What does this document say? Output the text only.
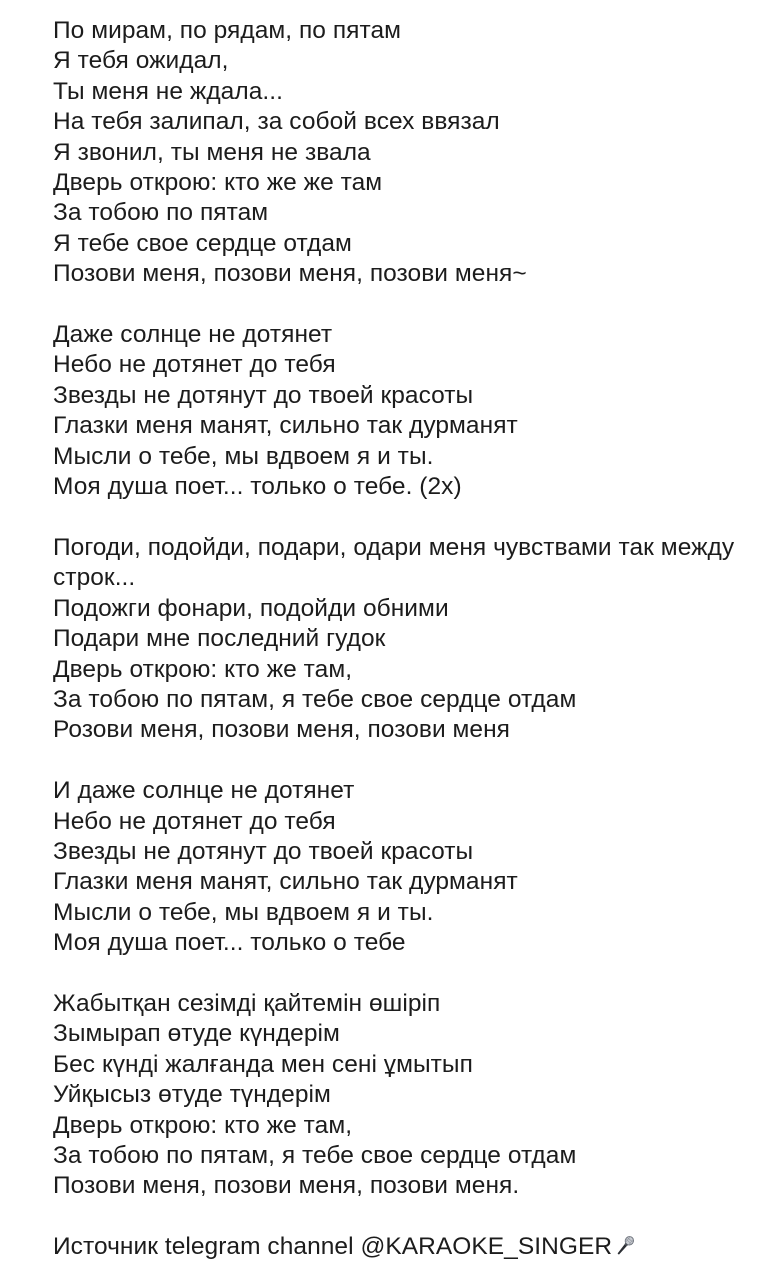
По мирам, по рядам, по пятам
Я тебя ожидал,
Ты меня не ждала...
На тебя залипал, за собой всех ввязал
Я звонил, ты меня не звала
Дверь открою: кто же же там
За тобою по пятам
Я тебе свое сердце отдам
Позови меня, позови меня, позови меня~
Даже солнце не дотянет
Небо не дотянет до тебя
Звезды не дотянут до твоей красоты
Глазки меня манят, сильно так дурманят
Мысли о тебе, мы вдвоем я и ты.
Моя душа поет... только о тебе. (2x)
Погоди, подойди, подари, одари меня чувствами так между строк...
Подожги фонари, подойди обними
Подари мне последний гудок
Дверь открою: кто же там,
За тобою по пятам, я тебе свое сердце отдам
Розови меня, позови меня, позови меня
И даже солнце не дотянет
Небо не дотянет до тебя
Звезды не дотянут до твоей красоты
Глазки меня манят, сильно так дурманят
Мысли о тебе, мы вдвоем я и ты.
Моя душа поет... только о тебе
Жабытқан сезімді қайтемін өшіріп
Зымырап өтуде күндерім
Бес күнді жалғанда мен сені ұмытып
Уйқысыз өтуде түндерім
Дверь открою: кто же там,
За тобою по пятам, я тебе свое сердце отдам
Позови меня, позови меня, позови меня.
Источник telegram channel @KARAOKE_SINGER
